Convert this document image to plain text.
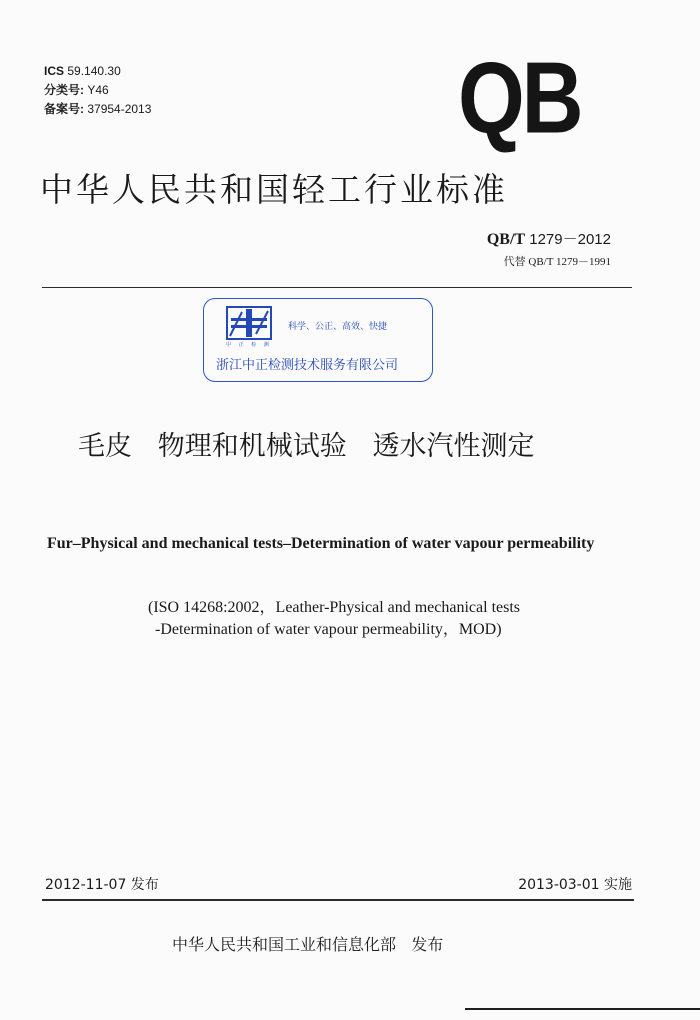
ICS 59.140.30
分类号: Y46
备案号: 37954-2013	QB
中华人民共和国轻工行业标准
QB/T 1279－2012
代替 QB/T 1279－1991
科学、公正、高效、快捷
中 正 检 测
浙江中正检测技术服务有限公司
毛皮   物理和机械试验   透水汽性测定
Fur–Physical and mechanical tests–Determination of water vapour permeability
(ISO 14268:2002，Leather-Physical and mechanical tests
-Determination of water vapour permeability，MOD)
2012-11-07 发布	2013-03-01 实施
中华人民共和国工业和信息化部   发布
